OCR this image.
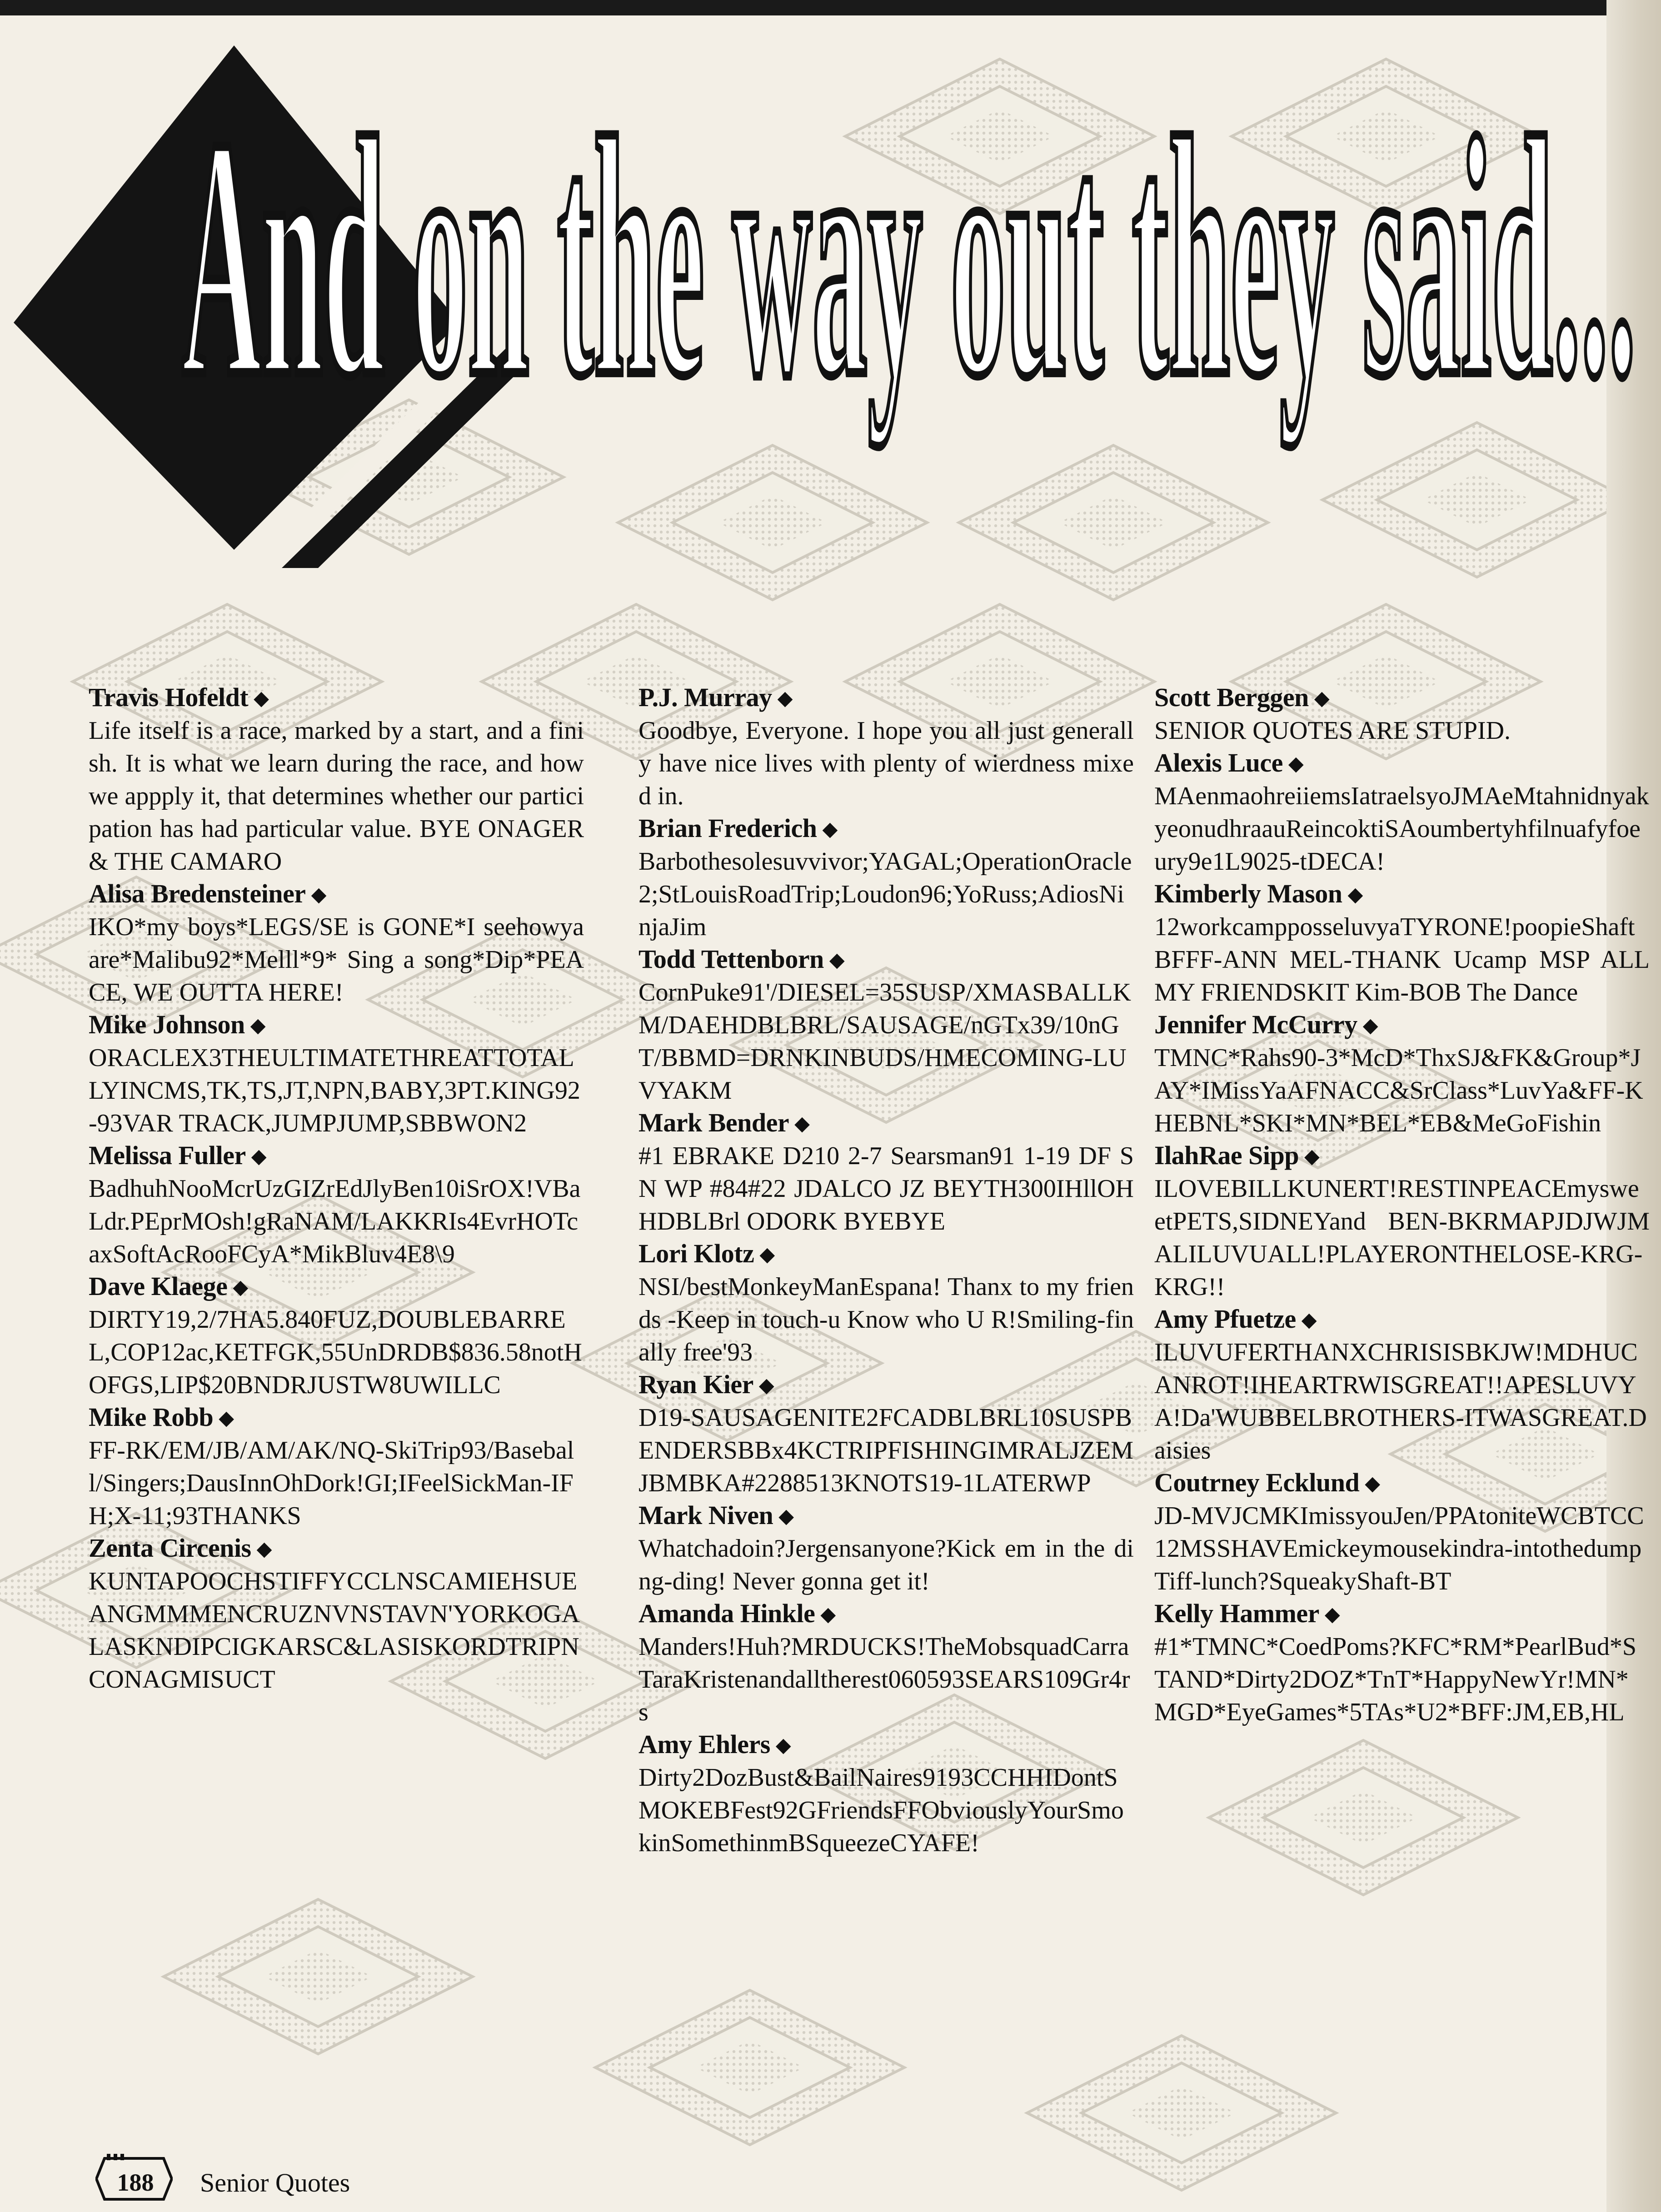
And on the way out they said...
Travis Hofeldt ◆
Life itself is a race, marked by a start, and a finish. It is what we learn during the race, and how we appply it, that determines whether our participation has had particular value. BYE ONAGER& THE CAMARO
Alisa Bredensteiner ◆
IKO*my boys*LEGS/SE is GONE*I seehowyaare*Malibu92*Melll*9* Sing a song*Dip*PEACE, WE OUTTA HERE!
Mike Johnson ◆
ORACLEX3THEULTIMATETHREATTOTALLYINCMS,TK,TS,JT,NPN,BABY,3PT.KING92-93VAR TRACK,JUMPJUMP,SBBWON2
Melissa Fuller ◆
BadhuhNooMcrUzGIZrEdJlyBen10iSrOX!VBaLdr.PEprMOsh!gRaNAM/LAKKRIs4EvrHOTcaxSoftAcRooFCyA*MikBluv4E8\9
Dave Klaege ◆
DIRTY19,2/7HA5.840FUZ,DOUBLEBARREL,COP12ac,KETFGK,55UnDRDB$836.58notHOFGS,LIP$20BNDRJUSTW8UWILLC
Mike Robb ◆
FF-RK/EM/JB/AM/AK/NQ-SkiTrip93/Baseball/Singers;DausInnOhDork!GI;IFeelSickMan-IFH;X-11;93THANKS
Zenta Circenis ◆
KUNTAPOOCHSTIFFYCCLNSCAMIEHSUEANGMMMENCRUZNVNSTAVN'YORKOGALASKNDIPCIGKARSC&LASISKORDTRIPNCONAGMISUCT
P.J. Murray ◆
Goodbye, Everyone. I hope you all just generally have nice lives with plenty of wierdness mixed in.
Brian Frederich ◆
Barbothesolesuvvivor;YAGAL;OperationOracle2;StLouisRoadTrip;Loudon96;YoRuss;AdiosNinjaJim
Todd Tettenborn ◆
CornPuke91'/DIESEL=35SUSP/XMASBALLKM/DAEHDBLBRL/SAUSAGE/nGTx39/10nGT/BBMD=DRNKINBUDS/HMECOMING-LUVYAKM
Mark Bender ◆
#1 EBRAKE D210 2-7 Searsman91 1-19 DF SN WP #84#22 JDALCO JZ BEYTH300IHllOHHDBLBrl ODORK BYEBYE
Lori Klotz ◆
NSI/bestMonkeyManEspana! Thanx to my friends -Keep in touch-u Know who U R!Smiling-finally free'93
Ryan Kier ◆
D19-SAUSAGENITE2FCADBLBRL10SUSPBENDERSBBx4KCTRIPFISHINGIMRALJZEMJBMBKA#2288513KNOTS19-1LATERWP
Mark Niven ◆
Whatchadoin?Jergensanyone?Kick em in the ding-ding! Never gonna get it!
Amanda Hinkle ◆
Manders!Huh?MRDUCKS!TheMobsquadCarraTaraKristenandalltherest060593SEARS109Gr4rs
Amy Ehlers ◆
Dirty2DozBust&BailNaires9193CCHHIDontSMOKEBFest92GFriendsFFObviouslyYourSmokinSomethinmBSqueezeCYAFE!
Scott Berggen ◆
SENIOR QUOTES ARE STUPID.
Alexis Luce ◆
MAenmaohreiiemsIatraelsyoJMAeMtahnidnyakyeonudhraauReincoktiSAoumbertyhfilnuafyfoeury9e1L9025-tDECA!
Kimberly Mason ◆
12workcampposseluvyaTYRONE!poopieShaftBFFF-ANN MEL-THANK Ucamp MSP ALL MY FRIENDSKIT Kim-BOB The Dance
Jennifer McCurry ◆
TMNC*Rahs90-3*McD*ThxSJ&FK&Group*JAY*IMissYaAFNACC&SrClass*LuvYa&FF-KHEBNL*SKI*MN*BEL*EB&MeGoFishin
IlahRae Sipp ◆
ILOVEBILLKUNERT!RESTINPEACEmysweetPETS,SIDNEYand BEN-BKRMAPJDJWJMALILUVUALL!PLAYERONTHELOSE-KRG-KRG!!
Amy Pfuetze ◆
ILUVUFERTHANXCHRISISBKJW!MDHUCANROT!IHEARTRWISGREAT!!APESLUVYA!Da'WUBBELBROTHERS-ITWASGREAT.Daisies
Coutrney Ecklund ◆
JD-MVJCMKImissyouJen/PPAtoniteWCBTCC12MSSHAVEmickeymousekindra-intothedumpTiff-lunch?SqueakyShaft-BT
Kelly Hammer ◆
#1*TMNC*CoedPoms?KFC*RM*PearlBud*STAND*Dirty2DOZ*TnT*HappyNewYr!MN*MGD*EyeGames*5TAs*U2*BFF:JM,EB,HL
188	Senior Quotes
